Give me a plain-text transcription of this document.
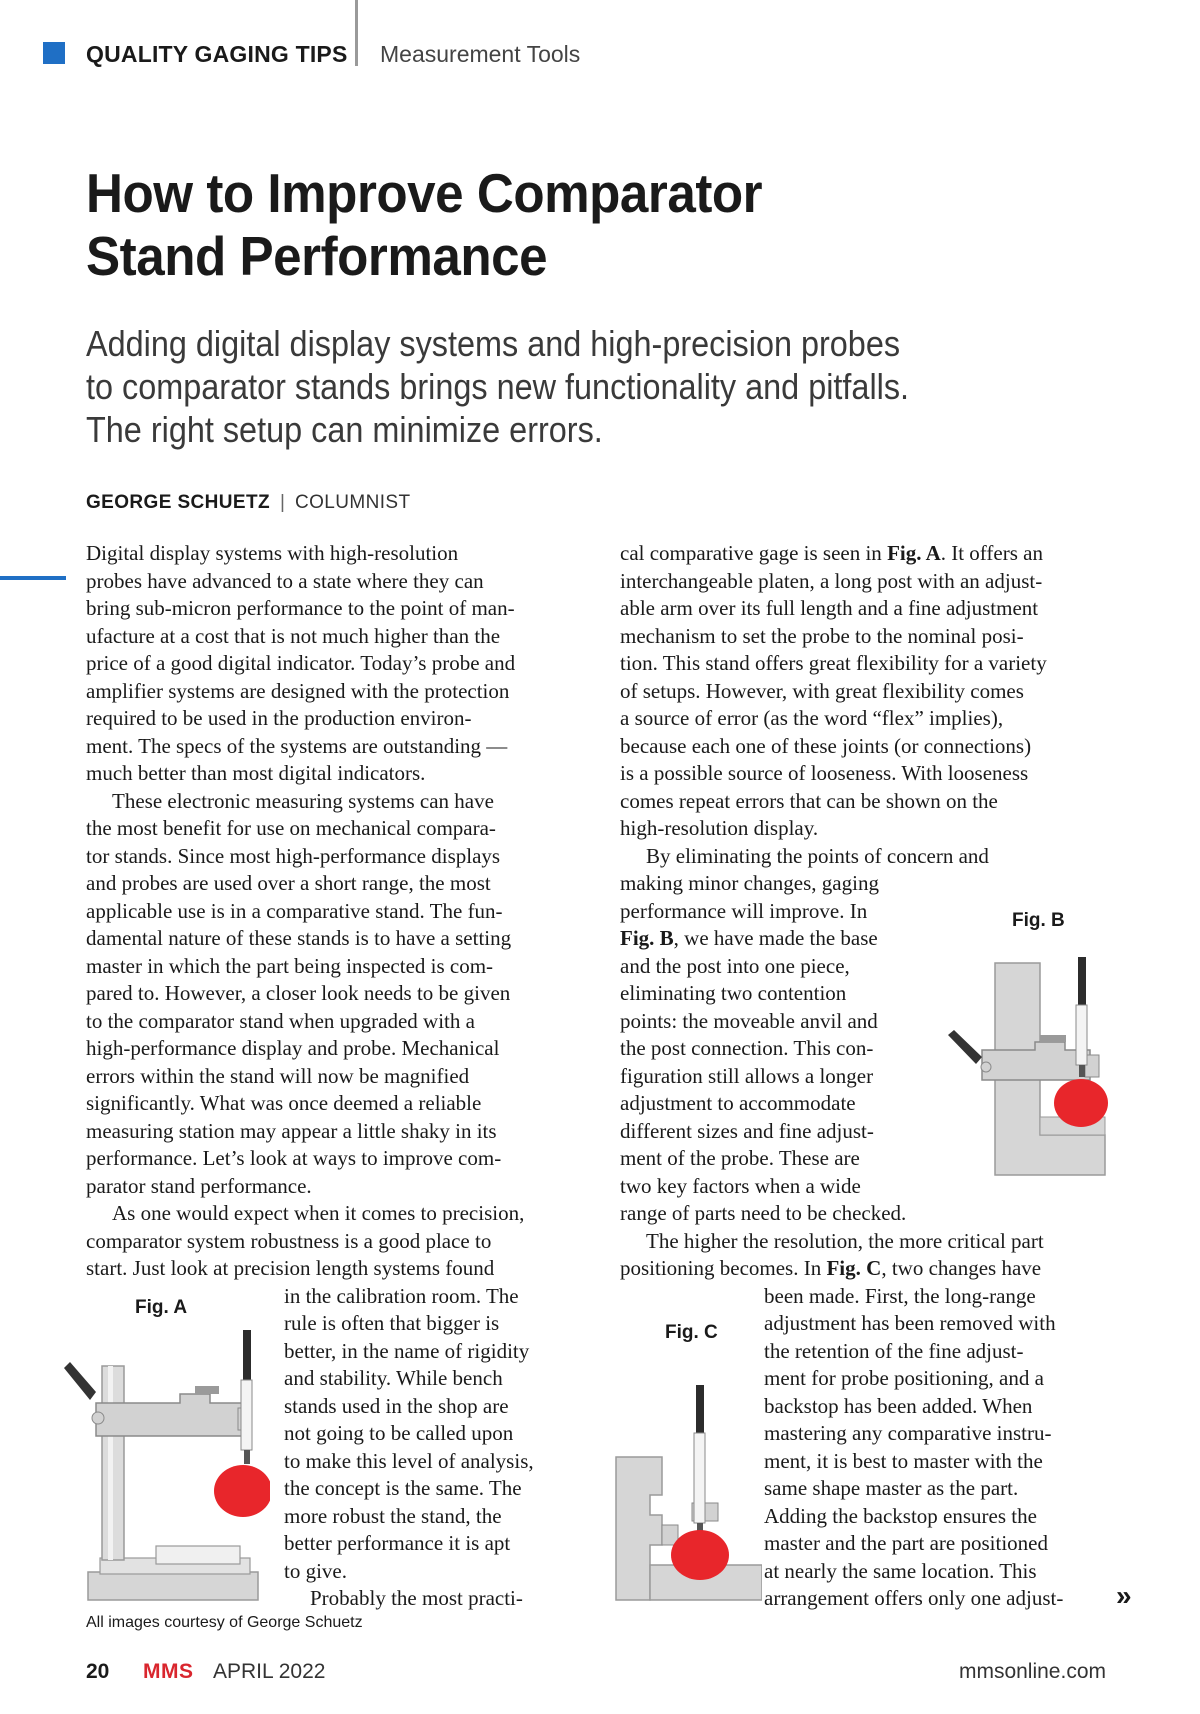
QUALITY GAGING TIPS Measurement Tools
How to Improve Comparator
Stand Performance
Adding digital display systems and high-precision probes
to comparator stands brings new functionality and pitfalls.
The right setup can minimize errors.
GEORGE SCHUETZ | COLUMNIST
Digital display systems with high-resolution
probes have advanced to a state where they can
bring sub-micron performance to the point of man-
ufacture at a cost that is not much higher than the
price of a good digital indicator. Today’s probe and
amplifier systems are designed with the protection
required to be used in the production environ-
ment. The specs of the systems are outstanding —
much better than most digital indicators.
These electronic measuring systems can have
the most benefit for use on mechanical compara-
tor stands. Since most high-performance displays
and probes are used over a short range, the most
applicable use is in a comparative stand. The fun-
damental nature of these stands is to have a setting
master in which the part being inspected is com-
pared to. However, a closer look needs to be given
to the comparator stand when upgraded with a
high-performance display and probe. Mechanical
errors within the stand will now be magnified
significantly. What was once deemed a reliable
measuring station may appear a little shaky in its
performance. Let’s look at ways to improve com-
parator stand performance.
As one would expect when it comes to precision,
comparator system robustness is a good place to
start. Just look at precision length systems found
in the calibration room. The
rule is often that bigger is
better, in the name of rigidity
and stability. While bench
stands used in the shop are
not going to be called upon
to make this level of analysis,
the concept is the same. The
more robust the stand, the
better performance it is apt
to give.
Probably the most practi-
Fig. A
All images courtesy of George Schuetz
cal comparative gage is seen in Fig. A. It offers an
interchangeable platen, a long post with an adjust-
able arm over its full length and a fine adjustment
mechanism to set the probe to the nominal posi-
tion. This stand offers great flexibility for a variety
of setups. However, with great flexibility comes
a source of error (as the word “flex” implies),
because each one of these joints (or connections)
is a possible source of looseness. With looseness
comes repeat errors that can be shown on the
high-resolution display.
By eliminating the points of concern and
making minor changes, gaging
performance will improve. In
Fig. B, we have made the base
and the post into one piece,
eliminating two contention
points: the moveable anvil and
the post connection. This con-
figuration still allows a longer
adjustment to accommodate
different sizes and fine adjust-
ment of the probe. These are
two key factors when a wide
range of parts need to be checked.
The higher the resolution, the more critical part
positioning becomes. In Fig. C, two changes have
been made. First, the long-range
adjustment has been removed with
the retention of the fine adjust-
ment for probe positioning, and a
backstop has been added. When
mastering any comparative instru-
ment, it is best to master with the
same shape master as the part.
Adding the backstop ensures the
master and the part are positioned
at nearly the same location. This
arrangement offers only one adjust-
Fig. B
Fig. C
»
20 MMS APRIL 2022	mmsonline.com
